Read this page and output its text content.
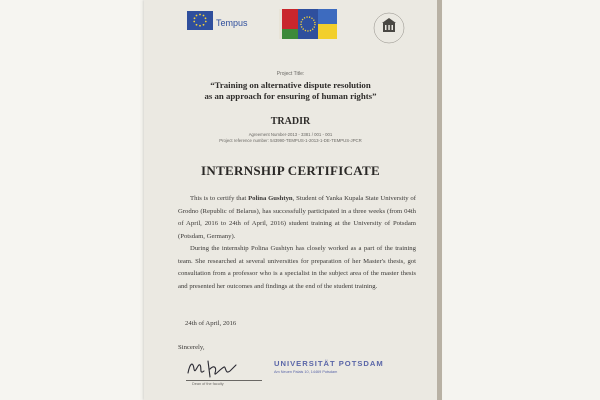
Tempus
Project Title:
“Training on alternative dispute resolution
as an approach for ensuring of human rights”
TRADIR
Agreement Number-2013 - 3381 / 001 - 001
Project reference number: 543990-TEMPUS-1-2013-1-DE-TEMPUS-JPCR
INTERNSHIP CERTIFICATE

This is to certify that Polina Gushtyn, Student of Yanka Kupala State University of Grodno (Republic of Belarus), has successfully participated in a three weeks (from 04th of April, 2016 to 24th of April, 2016) student training at the University of Potsdam (Potsdam, Germany).

During the internship Polina Gushtyn has closely worked as a part of the training team. She researched at several universities for preparation of her Master's thesis, got consultation from a professor who is a specialist in the subject area of the master thesis and presented her outcomes and findings at the end of the student training.

24th of April, 2016
Sincerely,
Dean of the faculty
UNIVERSITÄT POTSDAM
Am Neuen Palais 10, 14469 Potsdam
